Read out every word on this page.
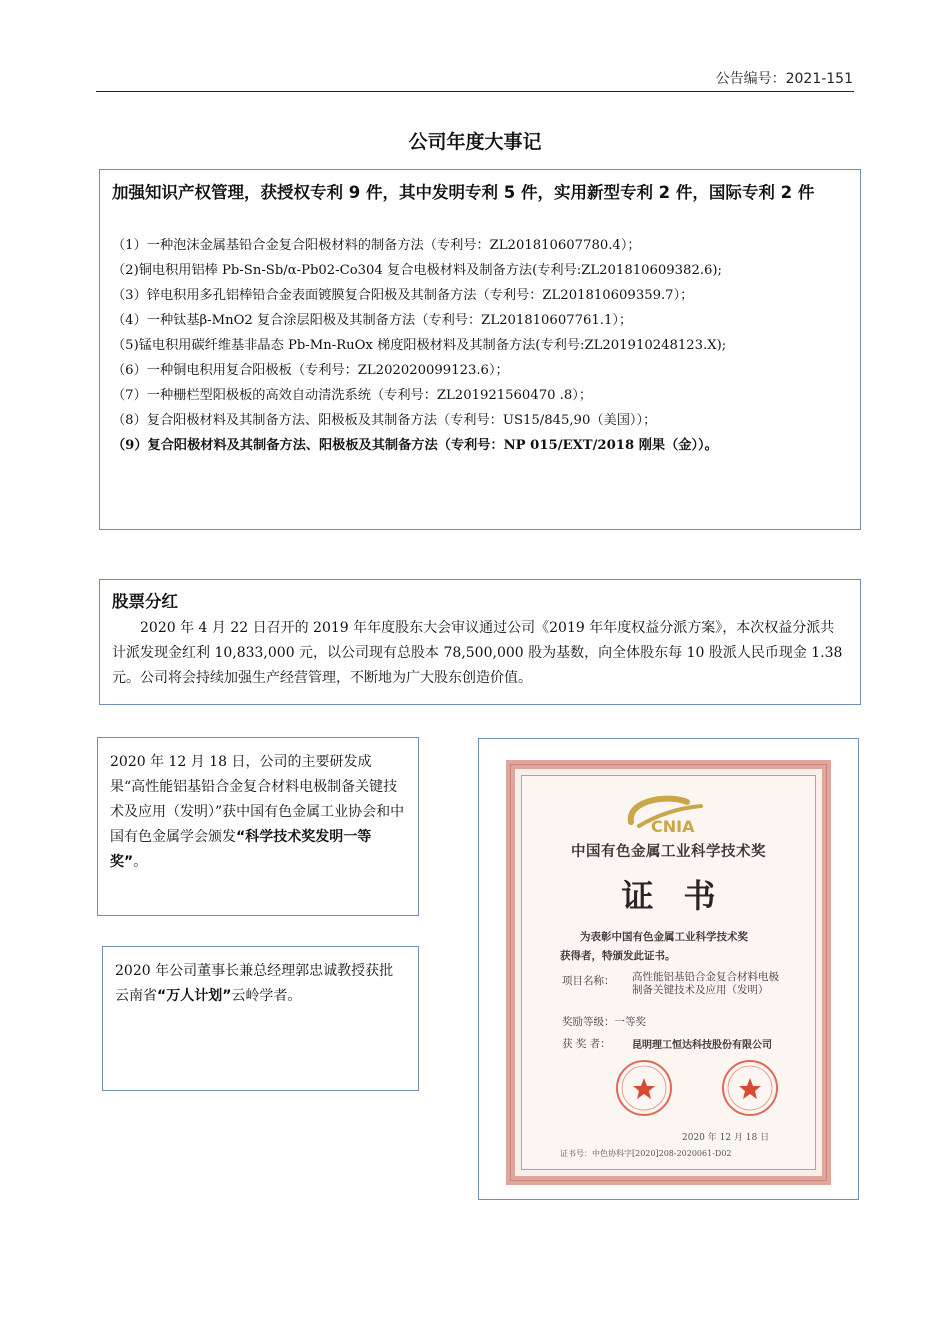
公告编号：2021-151
公司年度大事记

加强知识产权管理，获授权专利 9 件，其中发明专利 5 件，实用新型专利 2 件，国际专利 2 件

（1）一种泡沫金属基铅合金复合阳极材料的制备方法（专利号：ZL201810607780.4）；
（2)铜电积用铝棒 Pb-Sn-Sb/α-Pb02-Co304 复合电极材料及制备方法(专利号:ZL201810609382.6);
（3）锌电积用多孔铝棒铅合金表面镀膜复合阳极及其制备方法（专利号：ZL201810609359.7）；
（4）一种钛基β-MnO2 复合涂层阳极及其制备方法（专利号：ZL201810607761.1）；
（5)锰电积用碳纤维基非晶态 Pb-Mn-RuOx 梯度阳极材料及其制备方法(专利号:ZL201910248123.X);
（6）一种铜电积用复合阳极板（专利号：ZL202020099123.6）；
（7）一种栅栏型阳极板的高效自动清洗系统（专利号：ZL201921560470 .8）；
（8）复合阳极材料及其制备方法、阳极板及其制备方法（专利号：US15/845,90（美国））；
（9）复合阳极材料及其制备方法、阳极板及其制备方法（专利号：NP 015/EXT/2018 刚果（金））。

股票分红

2020 年 4 月 22 日召开的 2019 年年度股东大会审议通过公司《2019 年年度权益分派方案》，本次权益分派共计派发现金红利 10,833,000 元，以公司现有总股本 78,500,000 股为基数，向全体股东每 10 股派人民币现金 1.38 元。公司将会持续加强生产经营管理，不断地为广大股东创造价值。

2020 年 12 月 18 日，公司的主要研发成果“高性能铝基铅合金复合材料电极制备关键技术及应用（发明）”获中国有色金属工业协会和中国有色金属学会颁发“科学技术奖发明一等奖”。

2020 年公司董事长兼总经理郭忠诚教授获批云南省“万人计划”云岭学者。

CNIA
中国有色金属工业科学技术奖
证书
为表彰中国有色金属工业科学技术奖
获得者，特颁发此证书。
项目名称： 高性能铝基铅合金复合材料电极
制备关键技术及应用（发明）
奖励等级：一等奖
获 奖 者： 昆明理工恒达科技股份有限公司
2020 年 12 月 18 日
证书号：中色协科字[2020]208-2020061-D02
